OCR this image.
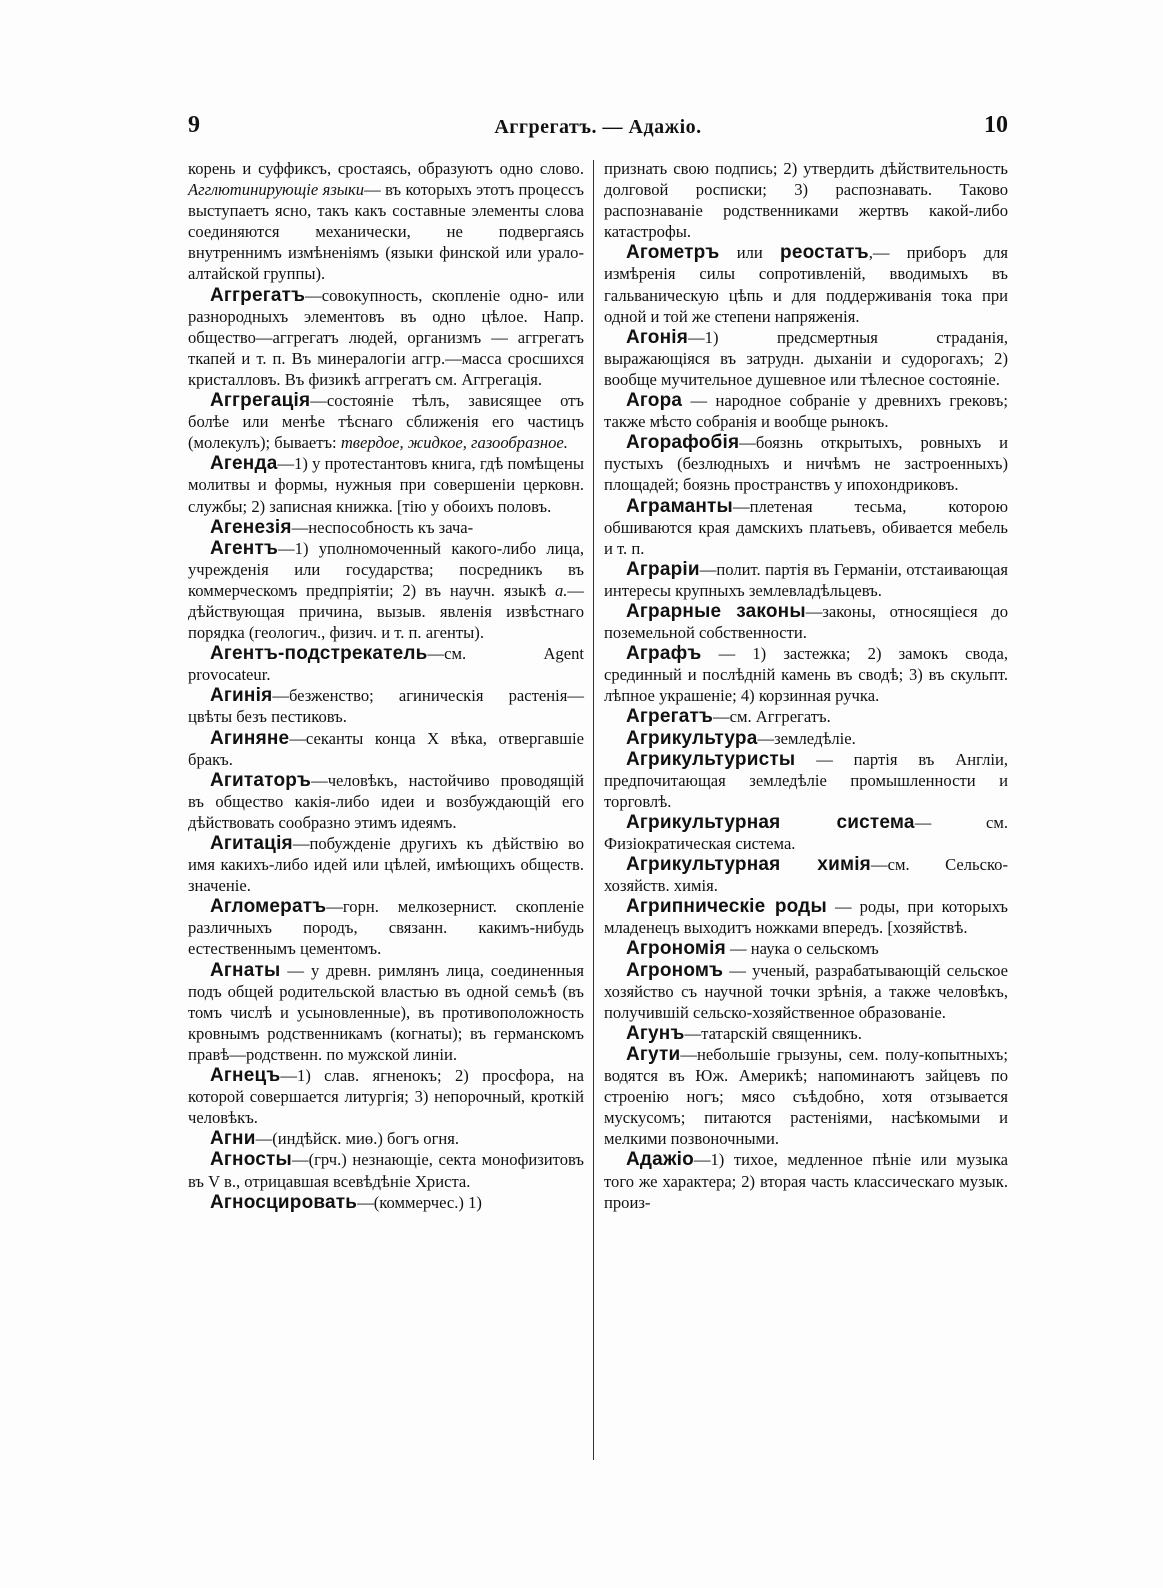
9	Аггрегатъ. — Адажіо.	10

корень и суффиксъ, сростаясь, образуютъ одно слово. Агглютинирующіе языки— въ которыхъ этотъ процессъ выступаетъ ясно, такъ какъ составные элементы слова соединяются механически, не подвергаясь внутреннимъ измѣненіямъ (языки финской или урало-алтайской группы).

Аггрегатъ—совокупность, скопленіе одно- или разнородныхъ элементовъ въ одно цѣлое. Напр. общество—аггрегатъ людей, организмъ — аггрегатъ ткапей и т. п. Въ минералогіи аггр.—масса сросшихся кристалловъ. Въ физикѣ аггрегатъ см. Аггрегація.

Аггрегація—состояніе тѣлъ, зависящее отъ болѣе или менѣе тѣснаго сближенія его частицъ (молекулъ); бываетъ: твердое, жидкое, газообразное.

Агенда—1) у протестантовъ книга, гдѣ помѣщены молитвы и формы, нужныя при совершеніи церковн. службы; 2) записная книжка. [тію у обоихъ половъ.

Агенезія—неспособность къ зача-

Агентъ—1) уполномоченный какого-либо лица, учрежденія или государства; посредникъ въ коммерческомъ предпріятіи; 2) въ научн. языкѣ а.—дѣйствующая причина, вызыв. явленія извѣстнаго порядка (геологич., физич. и т. п. агенты).

Агентъ-подстрекатель—см. Agent provocateur.

Агинія—безженство; агиническія растенія—цвѣты безъ пестиковъ.

Агиняне—секанты конца X вѣка, отвергавшіе бракъ.

Агитаторъ—человѣкъ, настойчиво проводящій въ общество какія-либо идеи и возбуждающій его дѣйствовать сообразно этимъ идеямъ.

Агитація—побужденіе другихъ къ дѣйствію во имя какихъ-либо идей или цѣлей, имѣющихъ общеcтв. значеніе.

Агломератъ—горн. мелкозернист. скопленіе различныхъ породъ, связанн. какимъ-нибудь естественнымъ цементомъ.

Агнаты — у древн. римлянъ лица, соединенныя подъ общей родительской властью въ одной семьѣ (въ томъ числѣ и усыновленные), въ противоположность кровнымъ родственникамъ (когнаты); въ германскомъ правѣ—родственн. по мужской линіи.

Агнецъ—1) слав. ягненокъ; 2) просфора, на которой совершается литургія; 3) непорочный, кроткій человѣкъ.

Агни—(индѣйск. миө.) богъ огня.

Агносты—(грч.) незнающіе, секта монофизитовъ въ V в., отрицавшая всевѣдѣніе Христа.

Агносцировать—(коммерчес.) 1)

признать свою подпись; 2) утвердить дѣйствительность долговой росписки; 3) распознавать. Таково распознаваніе родственниками жертвъ какой-либо катастрофы.

Агометръ или реостатъ,— приборъ для измѣренія силы сопротивленій, вводимыхъ въ гальваническую цѣпь и для поддерживанія тока при одной и той же степени напряженія.

Агонія—1) предсмертныя страданія, выражающіяся въ затрудн. дыханіи и судорогахъ; 2) вообще мучительное душевное или тѣлесное состояніе.

Агора — народное собраніе у древнихъ грековъ; также мѣсто собранія и вообще рынокъ.

Агорафобія—боязнь открытыхъ, ровныхъ и пустыхъ (безлюдныхъ и ничѣмъ не застроенныхъ) площадей; боязнь пространствъ у ипохондриковъ.

Аграманты—плетеная тесьма, которою обшиваются края дамскихъ платьевъ, обивается мебель и т. п.

Аграріи—полит. партія въ Германіи, отстаивающая интересы крупныхъ землевладѣльцевъ.

Аграрные законы—законы, относящіеся до поземельной собственности.

Аграфъ — 1) застежка; 2) замокъ свода, срединный и послѣдній камень въ сводѣ; 3) въ скульпт. лѣпное украшеніе; 4) корзинная ручка.

Агрегатъ—см. Аггрегатъ.

Агрикультура—земледѣліе.

Агрикультуристы — партія въ Англіи, предпочитающая земледѣліе промышленности и торговлѣ.

Агрикультурная система— см. Физіократическая система.

Агрикультурная химія—см. Сельско-хозяйств. химія.

Агрипническіе роды — роды, при которыхъ младенецъ выходитъ ножками впередъ. [хозяйствѣ.

Агрономія — наука о сельскомъ

Агрономъ — ученый, разрабатывающій сельское хозяйство съ научной точки зрѣнія, а также человѣкъ, получившій сельско-хозяйственное образованіе.

Агунъ—татарскій священникъ.

Агути—небольшіе грызуны, сем. полу-копытныхъ; водятся въ Юж. Америкѣ; напоминаютъ зайцевъ по строенію ногъ; мясо съѣдобно, хотя отзывается мускусомъ; питаются растеніями, насѣкомыми и мелкими позвоночными.

Адажіо—1) тихое, медленное пѣніе или музыка того же характера; 2) вторая часть классическаго музык. произ-
